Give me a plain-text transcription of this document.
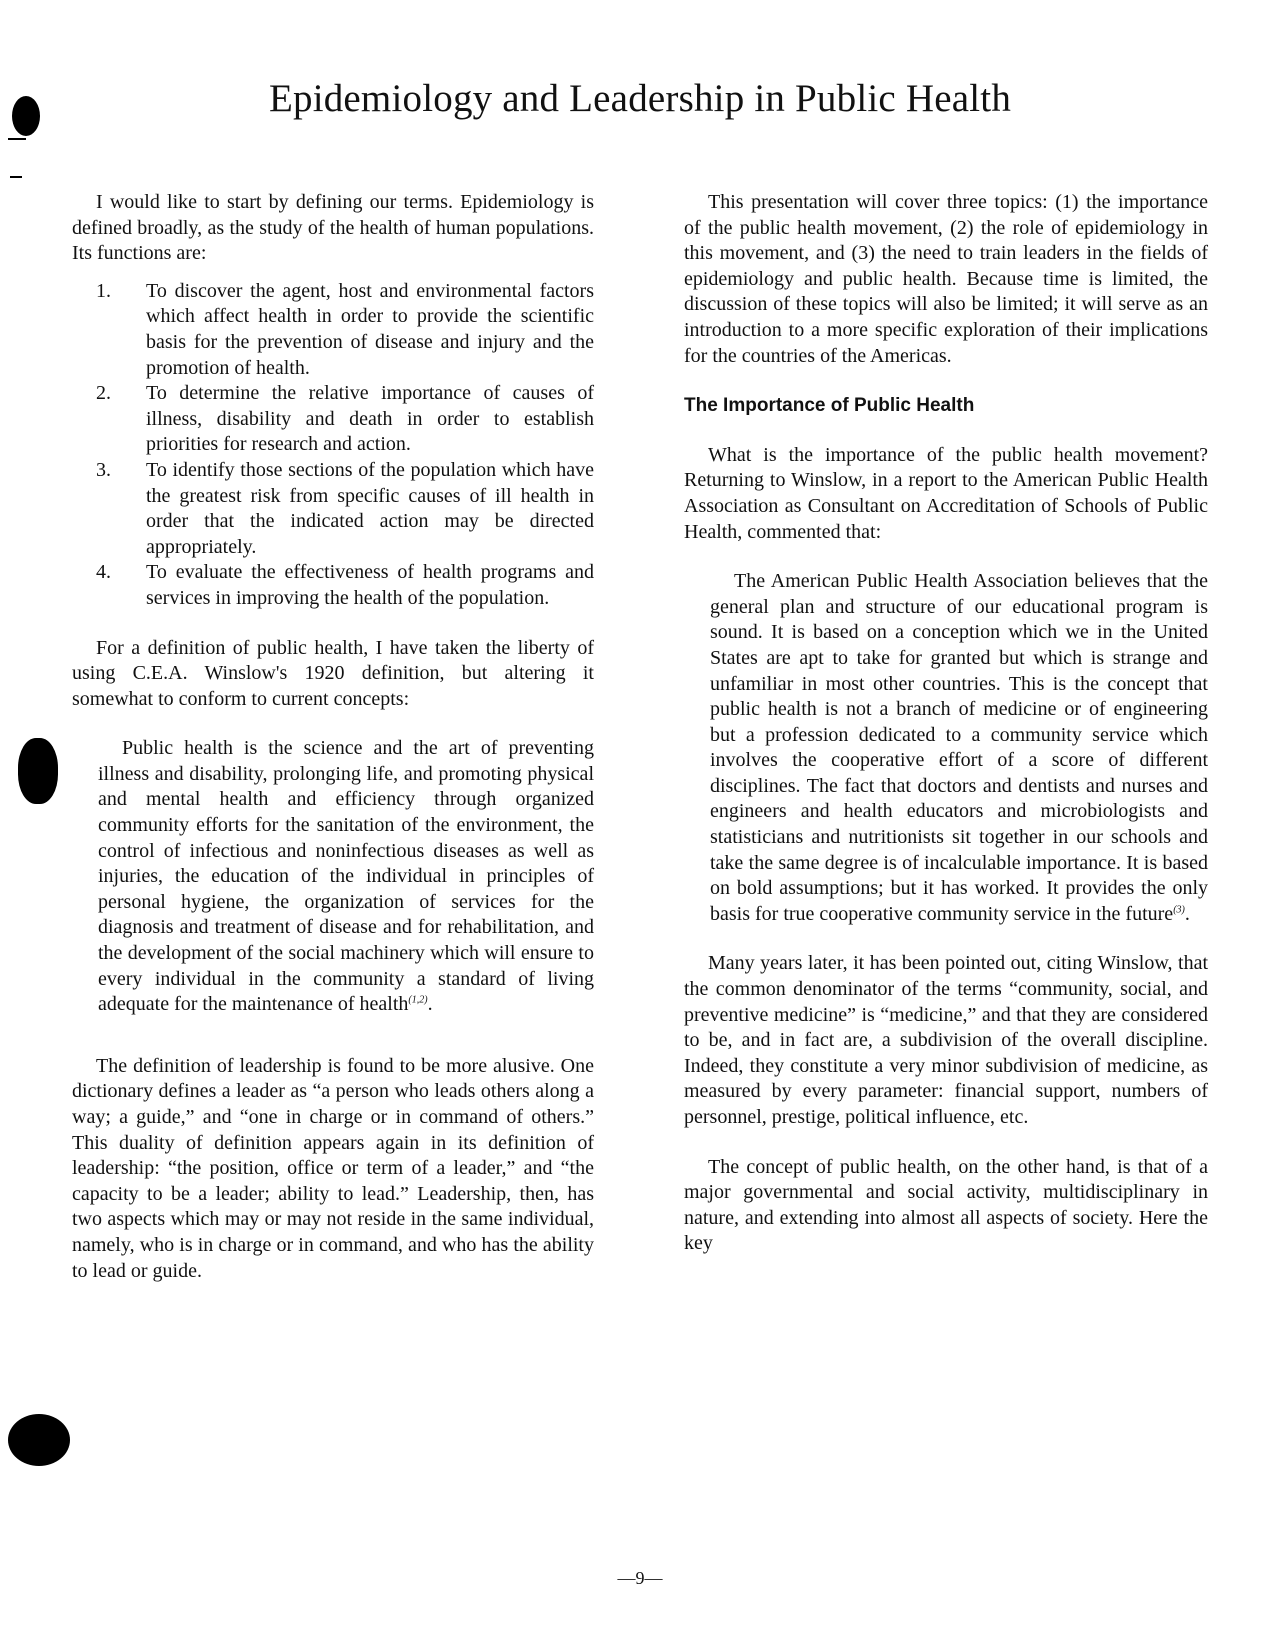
Epidemiology and Leadership in Public Health

I would like to start by defining our terms. Epidemiology is defined broadly, as the study of the health of human populations. Its functions are:

1. To discover the agent, host and environmental factors which affect health in order to provide the scientific basis for the prevention of disease and injury and the promotion of health.
2. To determine the relative importance of causes of illness, disability and death in order to establish priorities for research and action.
3. To identify those sections of the population which have the greatest risk from specific causes of ill health in order that the indicated action may be directed appropriately.
4. To evaluate the effectiveness of health programs and services in improving the health of the population.

For a definition of public health, I have taken the liberty of using C.E.A. Winslow's 1920 definition, but altering it somewhat to conform to current concepts:

Public health is the science and the art of preventing illness and disability, prolonging life, and promoting physical and mental health and efficiency through organized community efforts for the sanitation of the environment, the control of infectious and noninfectious diseases as well as injuries, the education of the individual in principles of personal hygiene, the organization of services for the diagnosis and treatment of disease and for rehabilitation, and the development of the social machinery which will ensure to every individual in the community a standard of living adequate for the maintenance of health$^{(1,2)}$.

The definition of leadership is found to be more alusive. One dictionary defines a leader as “a person who leads others along a way; a guide,” and “one in charge or in command of others.” This duality of definition appears again in its definition of leadership: “the position, office or term of a leader,” and “the capacity to be a leader; ability to lead.” Leadership, then, has two aspects which may or may not reside in the same individual, namely, who is in charge or in command, and who has the ability to lead or guide.

This presentation will cover three topics: (1) the importance of the public health movement, (2) the role of epidemiology in this movement, and (3) the need to train leaders in the fields of epidemiology and public health. Because time is limited, the discussion of these topics will also be limited; it will serve as an introduction to a more specific exploration of their implications for the countries of the Americas.

The Importance of Public Health

What is the importance of the public health movement? Returning to Winslow, in a report to the American Public Health Association as Consultant on Accreditation of Schools of Public Health, commented that:

The American Public Health Association believes that the general plan and structure of our educational program is sound. It is based on a conception which we in the United States are apt to take for granted but which is strange and unfamiliar in most other countries. This is the concept that public health is not a branch of medicine or of engineering but a profession dedicated to a community service which involves the cooperative effort of a score of different disciplines. The fact that doctors and dentists and nurses and engineers and health educators and microbiologists and statisticians and nutritionists sit together in our schools and take the same degree is of incalculable importance. It is based on bold assumptions; but it has worked. It provides the only basis for true cooperative community service in the future$^{(3)}$.

Many years later, it has been pointed out, citing Winslow, that the common denominator of the terms “community, social, and preventive medicine” is “medicine,” and that they are considered to be, and in fact are, a subdivision of the overall discipline. Indeed, they constitute a very minor subdivision of medicine, as measured by every parameter: financial support, numbers of personnel, prestige, political influence, etc.

The concept of public health, on the other hand, is that of a major governmental and social activity, multidisciplinary in nature, and extending into almost all aspects of society. Here the key

—9—
